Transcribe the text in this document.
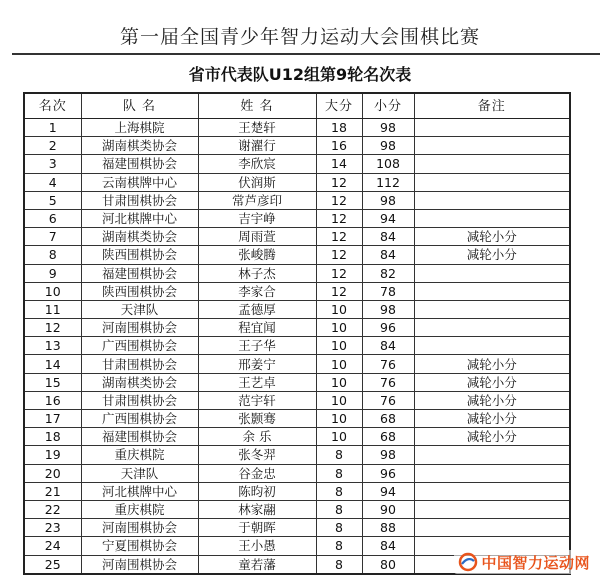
第一届全国青少年智力运动大会围棋比赛
省市代表队U12组第9轮名次表
名次	队 名	姓 名	大分	小分	备注
1	上海棋院	王楚轩	18	98	
2	湖南棋类协会	谢濯行	16	98	
3	福建围棋协会	李欣宸	14	108	
4	云南棋牌中心	伏润斯	12	112	
5	甘肃围棋协会	常芦彦印	12	98	
6	河北棋牌中心	吉宇峥	12	94	
7	湖南棋类协会	周雨萱	12	84	减轮小分
8	陕西围棋协会	张峻腾	12	84	减轮小分
9	福建围棋协会	林子杰	12	82	
10	陕西围棋协会	李家合	12	78	
11	天津队	孟德厚	10	98	
12	河南围棋协会	程宜闻	10	96	
13	广西围棋协会	王子华	10	84	
14	甘肃围棋协会	邢姜宁	10	76	减轮小分
15	湖南棋类协会	王艺卓	10	76	减轮小分
16	甘肃围棋协会	范宇轩	10	76	减轮小分
17	广西围棋协会	张颢骞	10	68	减轮小分
18	福建围棋协会	余 乐	10	68	减轮小分
19	重庆棋院	张冬羿	8	98	
20	天津队	谷金忠	8	96	
21	河北棋牌中心	陈昀初	8	94	
22	重庆棋院	林家翮	8	90	
23	河南围棋协会	于朝晖	8	88	
24	宁夏围棋协会	王小愚	8	84	
25	河南围棋协会	童若藩	8	80		中国智力运动网
